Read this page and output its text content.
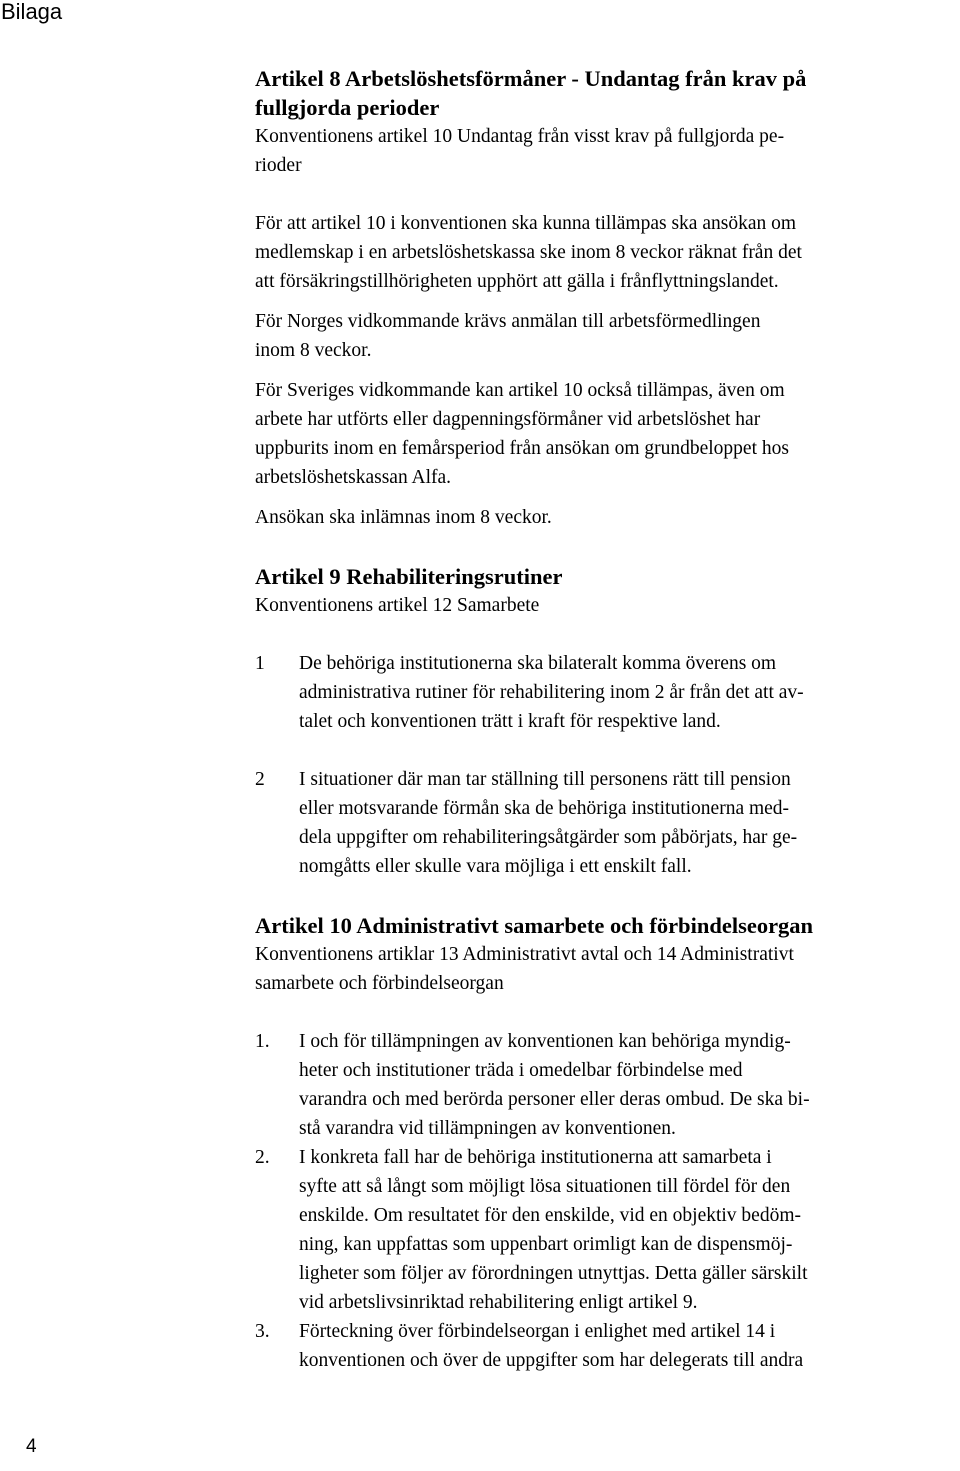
Bilaga
Artikel 8 Arbetslöshetsförmåner - Undantag från krav på
fullgjorda perioder
Konventionens artikel 10 Undantag från visst krav på fullgjorda pe-
rioder

För att artikel 10 i konventionen ska kunna tillämpas ska ansökan om
medlemskap i en arbetslöshetskassa ske inom 8 veckor räknat från det
att försäkringstillhörigheten upphört att gälla i frånflyttningslandet.

För Norges vidkommande krävs anmälan till arbetsförmedlingen
inom 8 veckor.

För Sveriges vidkommande kan artikel 10 också tillämpas, även om
arbete har utförts eller dagpenningsförmåner vid arbetslöshet har
uppburits inom en femårsperiod från ansökan om grundbeloppet hos
arbetslöshetskassan Alfa.

Ansökan ska inlämnas inom 8 veckor.

Artikel 9 Rehabiliteringsrutiner
Konventionens artikel 12 Samarbete
1 De behöriga institutionerna ska bilateralt komma överens om
administrativa rutiner för rehabilitering inom 2 år från det att av-
talet och konventionen trätt i kraft för respektive land.
2 I situationer där man tar ställning till personens rätt till pension
eller motsvarande förmån ska de behöriga institutionerna med-
dela uppgifter om rehabiliteringsåtgärder som påbörjats, har ge-
nomgåtts eller skulle vara möjliga i ett enskilt fall.
Artikel 10 Administrativt samarbete och förbindelseorgan
Konventionens artiklar 13 Administrativt avtal och 14 Administrativt
samarbete och förbindelseorgan
1. I och för tillämpningen av konventionen kan behöriga myndig-
heter och institutioner träda i omedelbar förbindelse med
varandra och med berörda personer eller deras ombud. De ska bi-
stå varandra vid tillämpningen av konventionen.
2. I konkreta fall har de behöriga institutionerna att samarbeta i
syfte att så långt som möjligt lösa situationen till fördel för den
enskilde. Om resultatet för den enskilde, vid en objektiv bedöm-
ning, kan uppfattas som uppenbart orimligt kan de dispensmöj-
ligheter som följer av förordningen utnyttjas. Detta gäller särskilt
vid arbetslivsinriktad rehabilitering enligt artikel 9.
3. Förteckning över förbindelseorgan i enlighet med artikel 14 i
konventionen och över de uppgifter som har delegerats till andra
4
